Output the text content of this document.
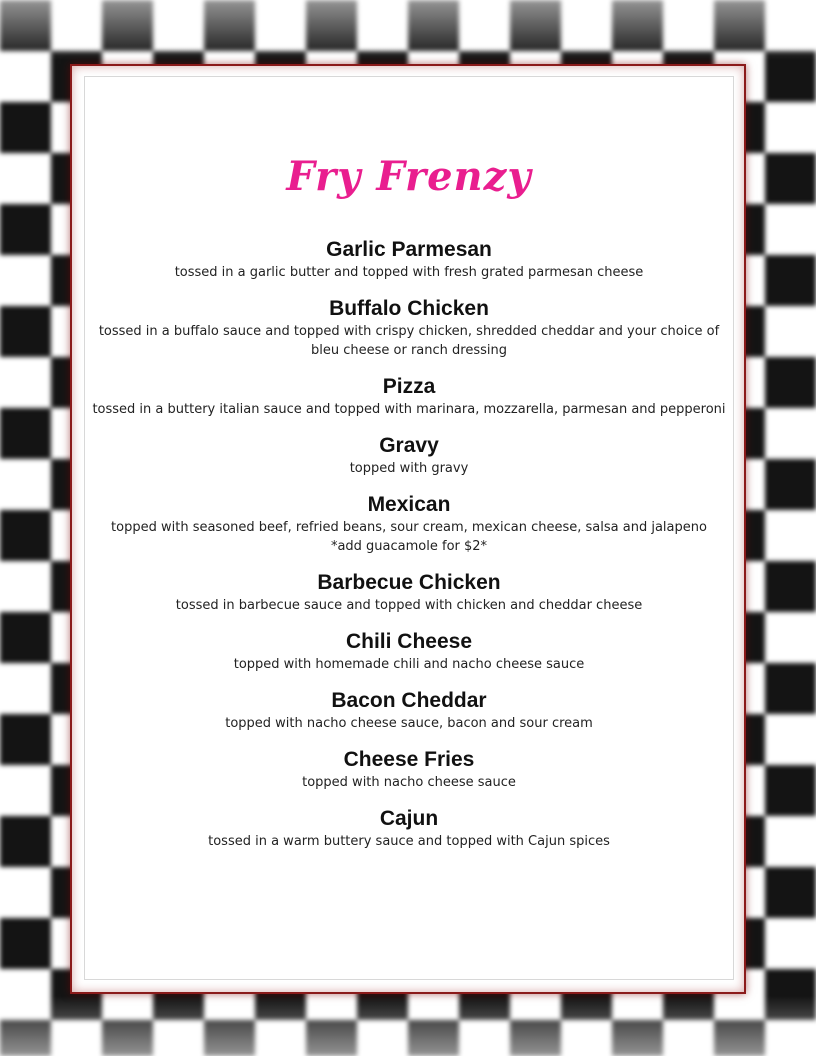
Fry Frenzy

Garlic Parmesan

tossed in a garlic butter and topped with fresh grated parmesan cheese

Buffalo Chicken

tossed in a buffalo sauce and topped with crispy chicken, shredded cheddar and your choice of bleu cheese or ranch dressing

Pizza

tossed in a buttery italian sauce and topped with marinara, mozzarella, parmesan and pepperoni

Gravy

topped with gravy

Mexican

topped with seasoned beef, refried beans, sour cream, mexican cheese, salsa and jalapeno

*add guacamole for $2*

Barbecue Chicken

tossed in barbecue sauce and topped with chicken and cheddar cheese

Chili Cheese

topped with homemade chili and nacho cheese sauce

Bacon Cheddar

topped with nacho cheese sauce, bacon and sour cream

Cheese Fries

topped with nacho cheese sauce

Cajun

tossed in a warm buttery sauce and topped with Cajun spices
